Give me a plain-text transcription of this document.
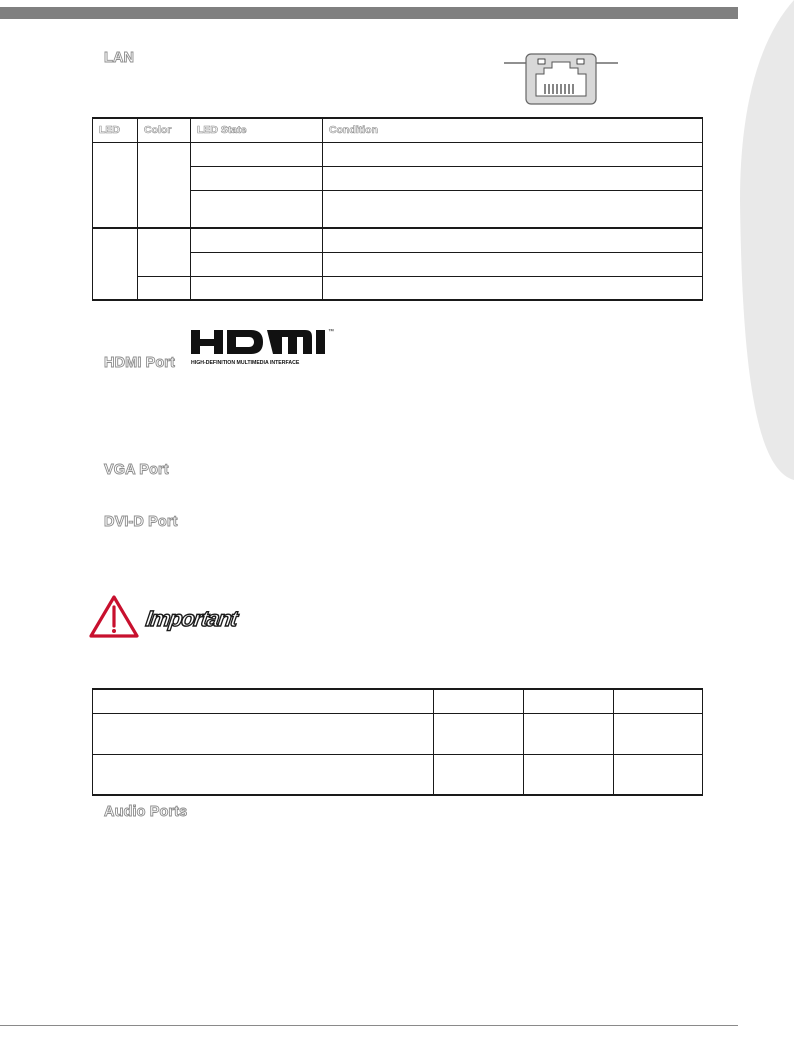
LAN
LED	Color	LED State	Condition

HDMI Port	HIGH-DEFINITION MULTIMEDIA INTERFACE
™
VGA Port
DVI-D Port
Important

Audio Ports
